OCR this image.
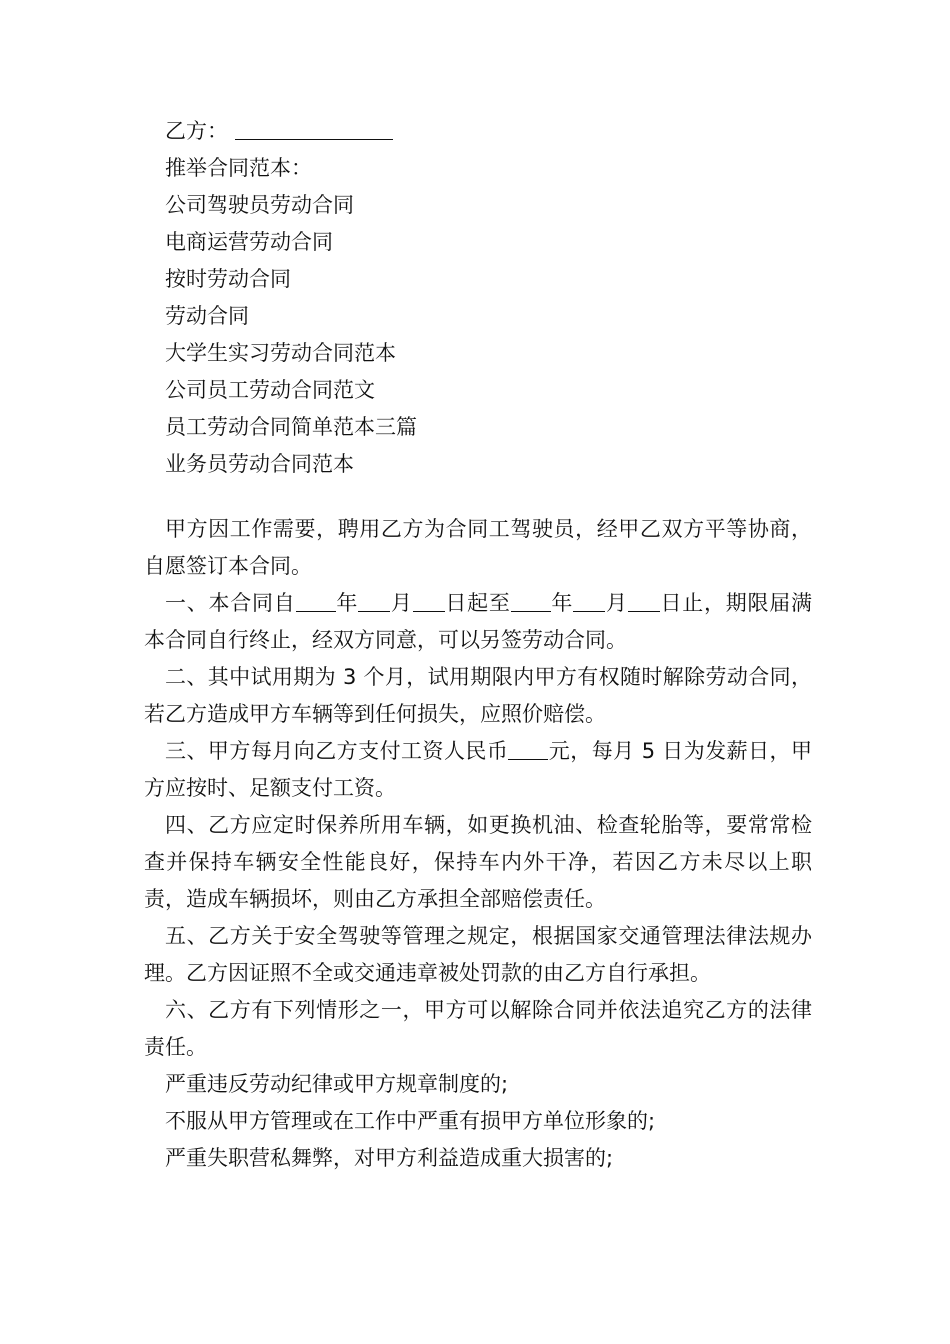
乙方：
推举合同范本：
公司驾驶员劳动合同
电商运营劳动合同
按时劳动合同
劳动合同
大学生实习劳动合同范本
公司员工劳动合同范文
员工劳动合同简单范本三篇
业务员劳动合同范本

甲方因工作需要，聘用乙方为合同工驾驶员，经甲乙双方平等协商，自愿签订本合同。

一、本合同自 年 月 日起至 年 月 日止，期限届满本合同自行终止，经双方同意，可以另签劳动合同。

二、其中试用期为 3 个月，试用期限内甲方有权随时解除劳动合同，若乙方造成甲方车辆等到任何损失，应照价赔偿。

三、甲方每月向乙方支付工资人民币 元，每月 5 日为发薪日，甲方应按时、足额支付工资。

四、乙方应定时保养所用车辆，如更换机油、检查轮胎等，要常常检查并保持车辆安全性能良好，保持车内外干净，若因乙方未尽以上职责，造成车辆损坏，则由乙方承担全部赔偿责任。

五、乙方关于安全驾驶等管理之规定，根据国家交通管理法律法规办理。乙方因证照不全或交通违章被处罚款的由乙方自行承担。

六、乙方有下列情形之一，甲方可以解除合同并依法追究乙方的法律责任。

严重违反劳动纪律或甲方规章制度的;
不服从甲方管理或在工作中严重有损甲方单位形象的;
严重失职营私舞弊，对甲方利益造成重大损害的;
